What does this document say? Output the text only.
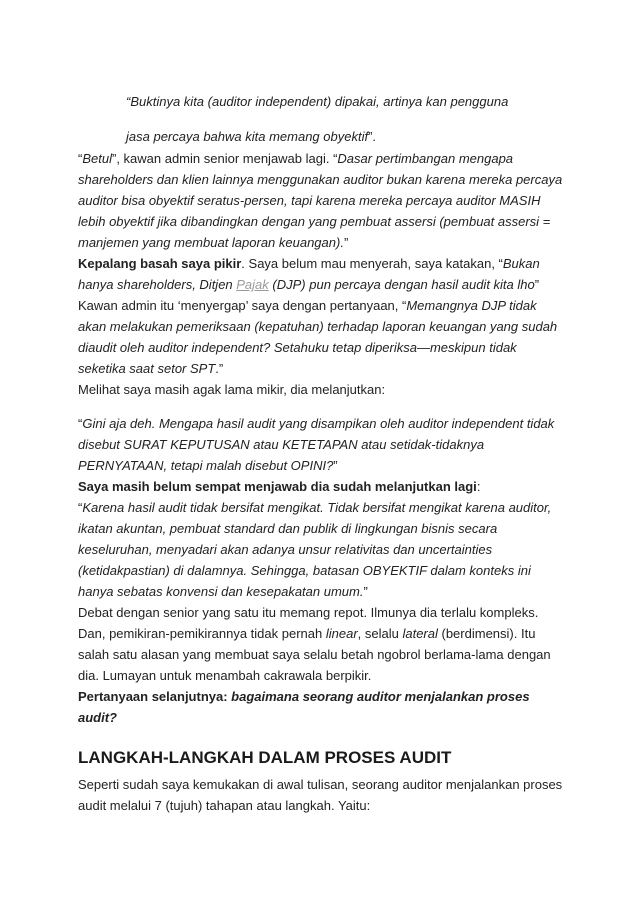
“Buktinya kita (auditor independent) dipakai, artinya kan pengguna
jasa percaya bahwa kita memang obyektif”.
“Betul”, kawan admin senior menjawab lagi. “Dasar pertimbangan mengapa
shareholders dan klien lainnya menggunakan auditor bukan karena mereka percaya
auditor bisa obyektif seratus-persen, tapi karena mereka percaya auditor MASIH
lebih obyektif jika dibandingkan dengan yang pembuat assersi (pembuat assersi =
manjemen yang membuat laporan keuangan).”
Kepalang basah saya pikir. Saya belum mau menyerah, saya katakan, “Bukan
hanya shareholders, Ditjen Pajak (DJP) pun percaya dengan hasil audit kita lho”
Kawan admin itu ‘menyergap’ saya dengan pertanyaan, “Memangnya DJP tidak
akan melakukan pemeriksaan (kepatuhan) terhadap laporan keuangan yang sudah
diaudit oleh auditor independent? Setahuku tetap diperiksa—meskipun tidak
seketika saat setor SPT.”
Melihat saya masih agak lama mikir, dia melanjutkan:
“Gini aja deh. Mengapa hasil audit yang disampikan oleh auditor independent tidak
disebut SURAT KEPUTUSAN atau KETETAPAN atau setidak-tidaknya
PERNYATAAN, tetapi malah disebut OPINI?”
Saya masih belum sempat menjawab dia sudah melanjutkan lagi:
“Karena hasil audit tidak bersifat mengikat. Tidak bersifat mengikat karena auditor,
ikatan akuntan, pembuat standard dan publik di lingkungan bisnis secara
keseluruhan, menyadari akan adanya unsur relativitas dan uncertainties
(ketidakpastian) di dalamnya. Sehingga, batasan OBYEKTIF dalam konteks ini
hanya sebatas konvensi dan kesepakatan umum.”
Debat dengan senior yang satu itu memang repot. Ilmunya dia terlalu kompleks.
Dan, pemikiran-pemikirannya tidak pernah linear, selalu lateral (berdimensi). Itu
salah satu alasan yang membuat saya selalu betah ngobrol berlama-lama dengan
dia. Lumayan untuk menambah cakrawala berpikir.
Pertanyaan selanjutnya: bagaimana seorang auditor menjalankan proses
audit?
LANGKAH-LANGKAH DALAM PROSES AUDIT
Seperti sudah saya kemukakan di awal tulisan, seorang auditor menjalankan proses
audit melalui 7 (tujuh) tahapan atau langkah. Yaitu:
